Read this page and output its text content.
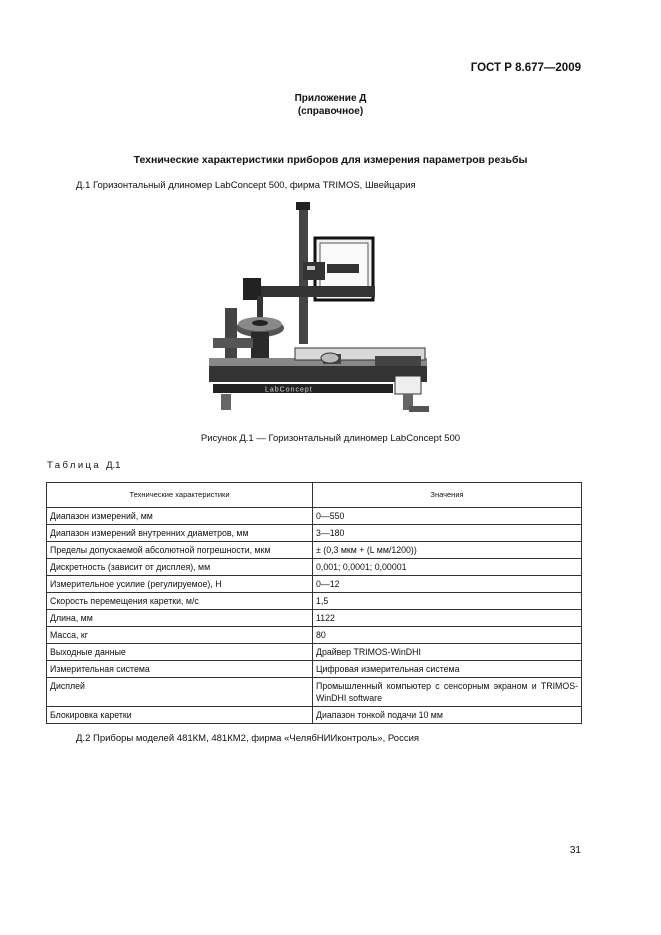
ГОСТ Р 8.677—2009
Приложение Д
(справочное)
Технические характеристики приборов для измерения параметров резьбы
Д.1 Горизонтальный длиномер LabConcept 500, фирма TRIMOS, Швейцария
LabConcept
Рисунок Д.1 — Горизонтальный длиномер LabConcept 500
Таблица Д.1
Технические характеристики	Значения
Диапазон измерений, мм	0—550
Диапазон измерений внутренних диаметров, мм	3—180
Пределы допускаемой абсолютной погрешности, мкм	± (0,3 мкм + (L мм/1200))
Дискретность (зависит от дисплея), мм	0,001; 0,0001; 0,00001
Измерительное усилие (регулируемое), Н	0—12
Скорость перемещения каретки, м/с	1,5
Длина, мм	1122
Масса, кг	80
Выходные данные	Драйвер TRIMOS-WinDHI
Измерительная система	Цифровая измерительная система
Дисплей	Промышленный компьютер с сенсорным экраном и TRIMOS-WinDHI software
Блокировка каретки	Диапазон тонкой подачи 10 мм
Д.2 Приборы моделей 481КМ, 481КМ2, фирма «ЧелябНИИконтроль», Россия
31
